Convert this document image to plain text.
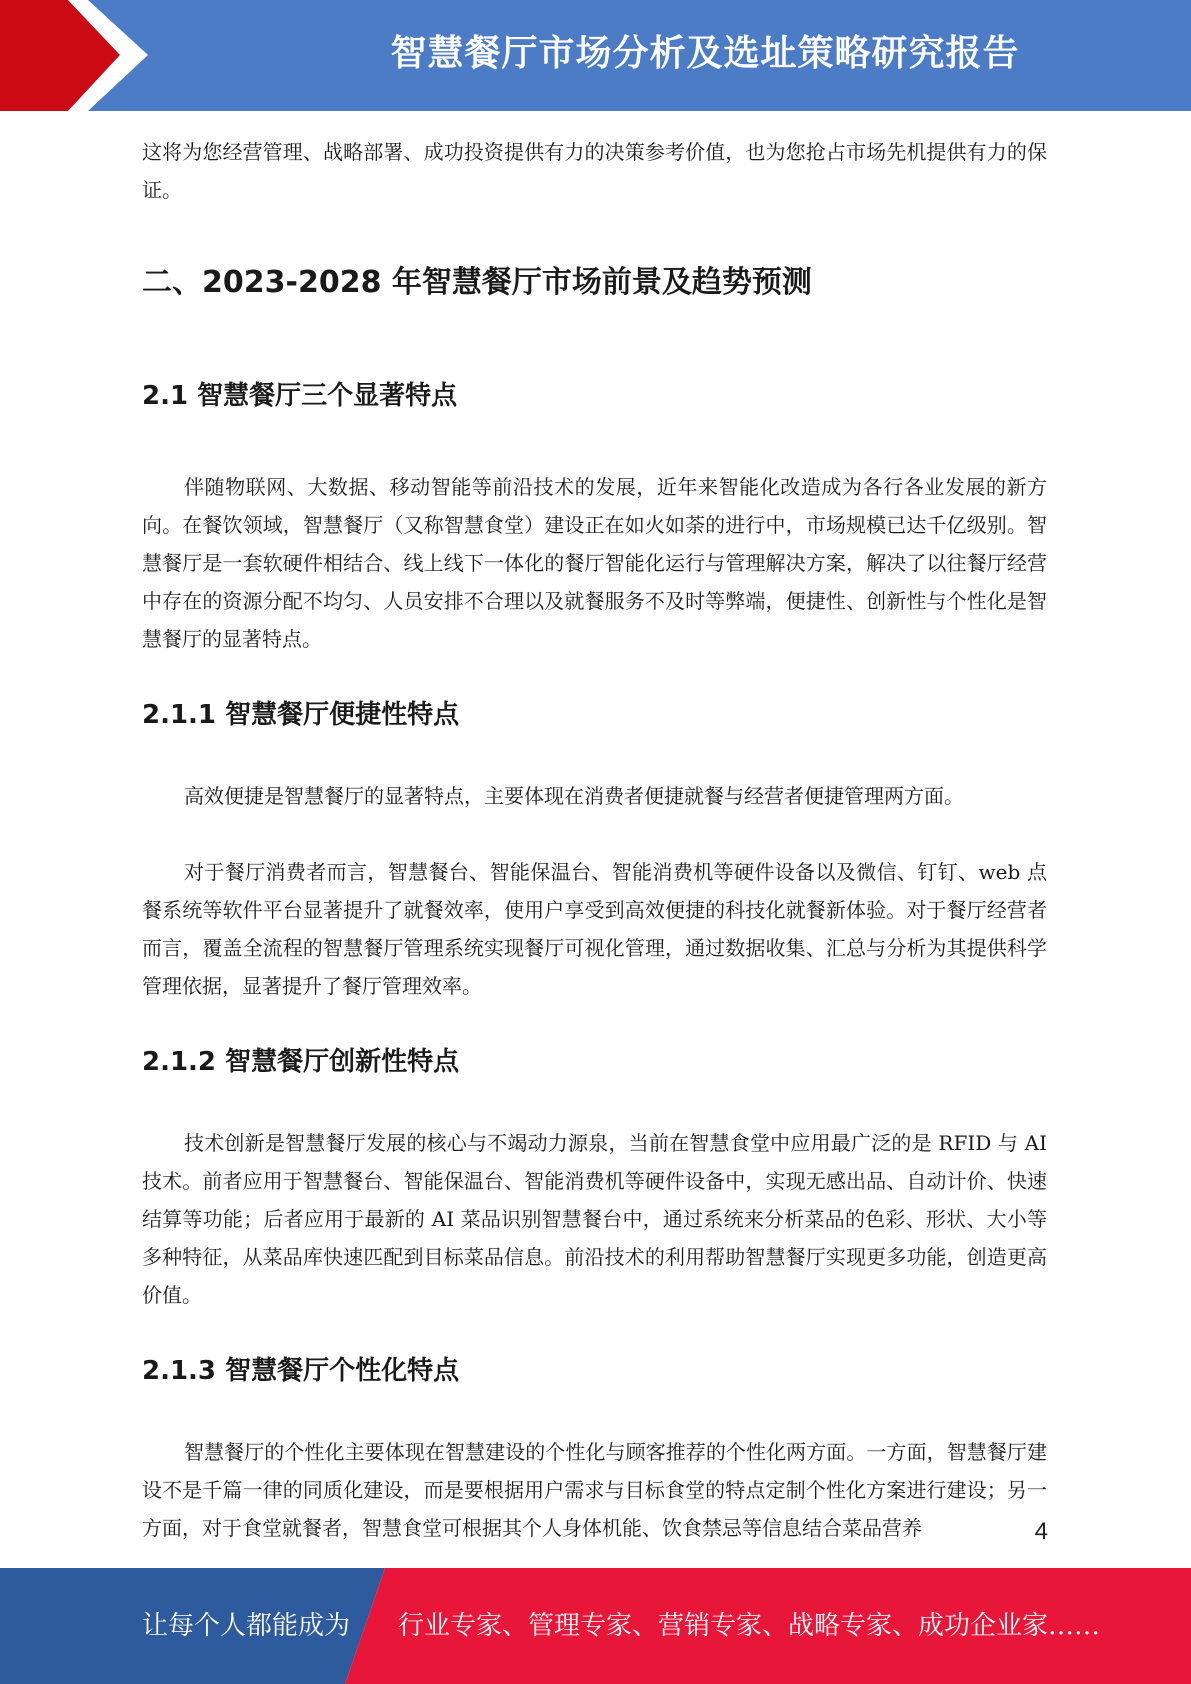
智慧餐厅市场分析及选址策略研究报告

这将为您经营管理、战略部署、成功投资提供有力的决策参考价值，也为您抢占市场先机提供有力的保证。

二、2023-2028 年智慧餐厅市场前景及趋势预测
2.1 智慧餐厅三个显著特点

伴随物联网、大数据、移动智能等前沿技术的发展，近年来智能化改造成为各行各业发展的新方向。在餐饮领域，智慧餐厅（又称智慧食堂）建设正在如火如荼的进行中，市场规模已达千亿级别。智慧餐厅是一套软硬件相结合、线上线下一体化的餐厅智能化运行与管理解决方案，解决了以往餐厅经营中存在的资源分配不均匀、人员安排不合理以及就餐服务不及时等弊端，便捷性、创新性与个性化是智慧餐厅的显著特点。

2.1.1 智慧餐厅便捷性特点

高效便捷是智慧餐厅的显著特点，主要体现在消费者便捷就餐与经营者便捷管理两方面。

对于餐厅消费者而言，智慧餐台、智能保温台、智能消费机等硬件设备以及微信、钉钉、web 点餐系统等软件平台显著提升了就餐效率，使用户享受到高效便捷的科技化就餐新体验。对于餐厅经营者而言，覆盖全流程的智慧餐厅管理系统实现餐厅可视化管理，通过数据收集、汇总与分析为其提供科学管理依据，显著提升了餐厅管理效率。

2.1.2 智慧餐厅创新性特点

技术创新是智慧餐厅发展的核心与不竭动力源泉，当前在智慧食堂中应用最广泛的是 RFID 与 AI 技术。前者应用于智慧餐台、智能保温台、智能消费机等硬件设备中，实现无感出品、自动计价、快速结算等功能；后者应用于最新的 AI 菜品识别智慧餐台中，通过系统来分析菜品的色彩、形状、大小等多种特征，从菜品库快速匹配到目标菜品信息。前沿技术的利用帮助智慧餐厅实现更多功能，创造更高价值。

2.1.3 智慧餐厅个性化特点

智慧餐厅的个性化主要体现在智慧建设的个性化与顾客推荐的个性化两方面。一方面，智慧餐厅建设不是千篇一律的同质化建设，而是要根据用户需求与目标食堂的特点定制个性化方案进行建设；另一方面，对于食堂就餐者，智慧食堂可根据其个人身体机能、饮食禁忌等信息结合菜品营养	4
让每个人都能成为 行业专家、管理专家、营销专家、战略专家、成功企业家……
